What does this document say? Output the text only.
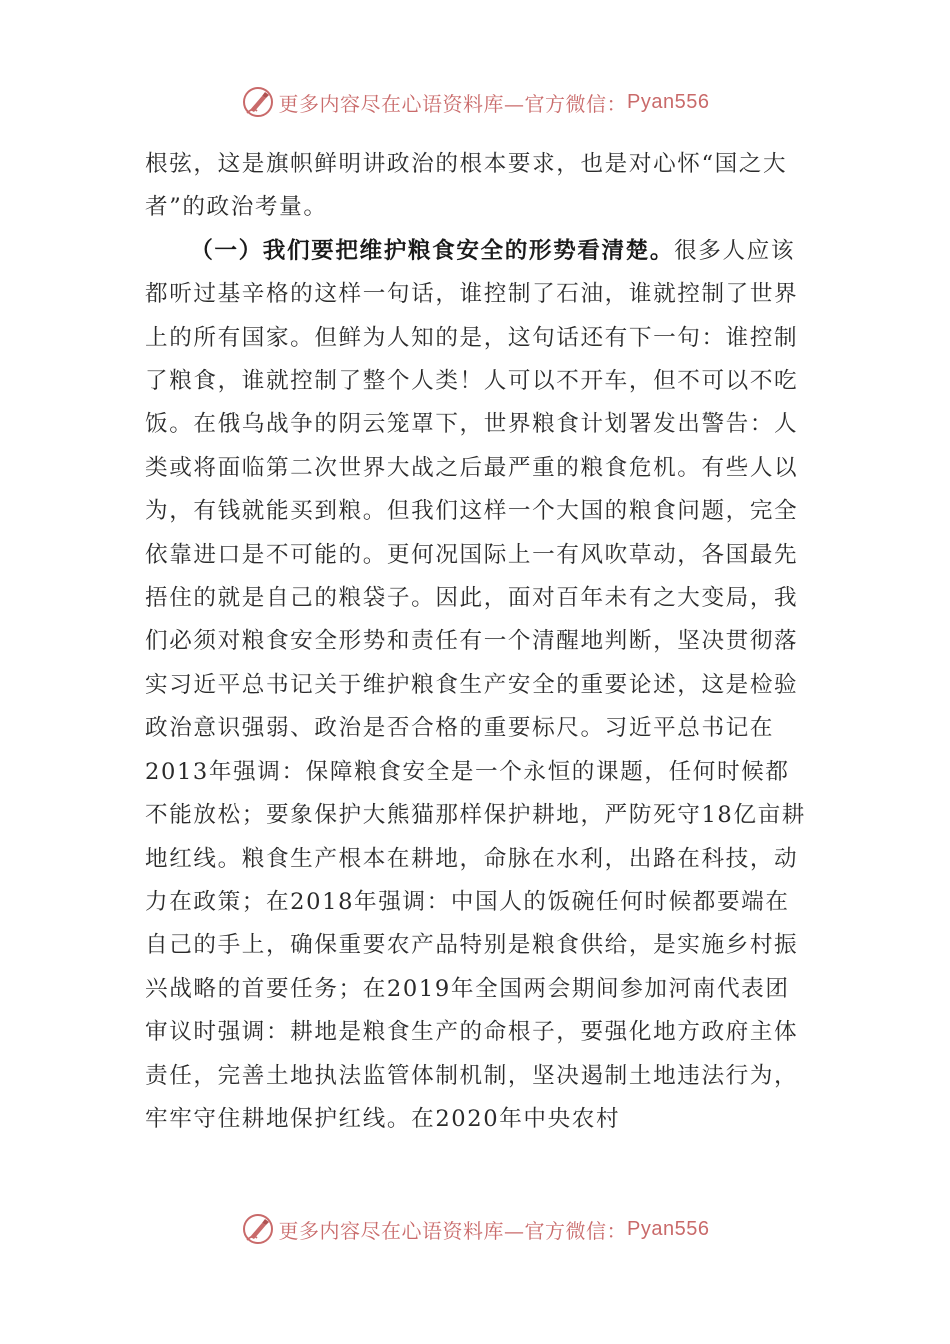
更多内容尽在心语资料库—官方微信： Pyan556

根弦，这是旗帜鲜明讲政治的根本要求，也是对心怀“国之大者”的政治考量。

（一）我们要把维护粮食安全的形势看清楚。很多人应该都听过基辛格的这样一句话，谁控制了石油，谁就控制了世界上的所有国家。但鲜为人知的是，这句话还有下一句：谁控制了粮食，谁就控制了整个人类！人可以不开车，但不可以不吃饭。在俄乌战争的阴云笼罩下，世界粮食计划署发出警告：人类或将面临第二次世界大战之后最严重的粮食危机。有些人以为，有钱就能买到粮。但我们这样一个大国的粮食问题，完全依靠进口是不可能的。更何况国际上一有风吹草动，各国最先捂住的就是自己的粮袋子。因此，面对百年未有之大变局，我们必须对粮食安全形势和责任有一个清醒地判断，坚决贯彻落实习近平总书记关于维护粮食生产安全的重要论述，这是检验政治意识强弱、政治是否合格的重要标尺。习近平总书记在2013年强调：保障粮食安全是一个永恒的课题，任何时候都不能放松；要象保护大熊猫那样保护耕地，严防死守18亿亩耕地红线。粮食生产根本在耕地，命脉在水利，出路在科技，动力在政策；在2018年强调：中国人的饭碗任何时候都要端在自己的手上，确保重要农产品特别是粮食供给，是实施乡村振兴战略的首要任务；在2019年全国两会期间参加河南代表团审议时强调：耕地是粮食生产的命根子，要强化地方政府主体责任，完善土地执法监管体制机制，坚决遏制土地违法行为，牢牢守住耕地保护红线。在2020年中央农村

更多内容尽在心语资料库—官方微信： Pyan556
